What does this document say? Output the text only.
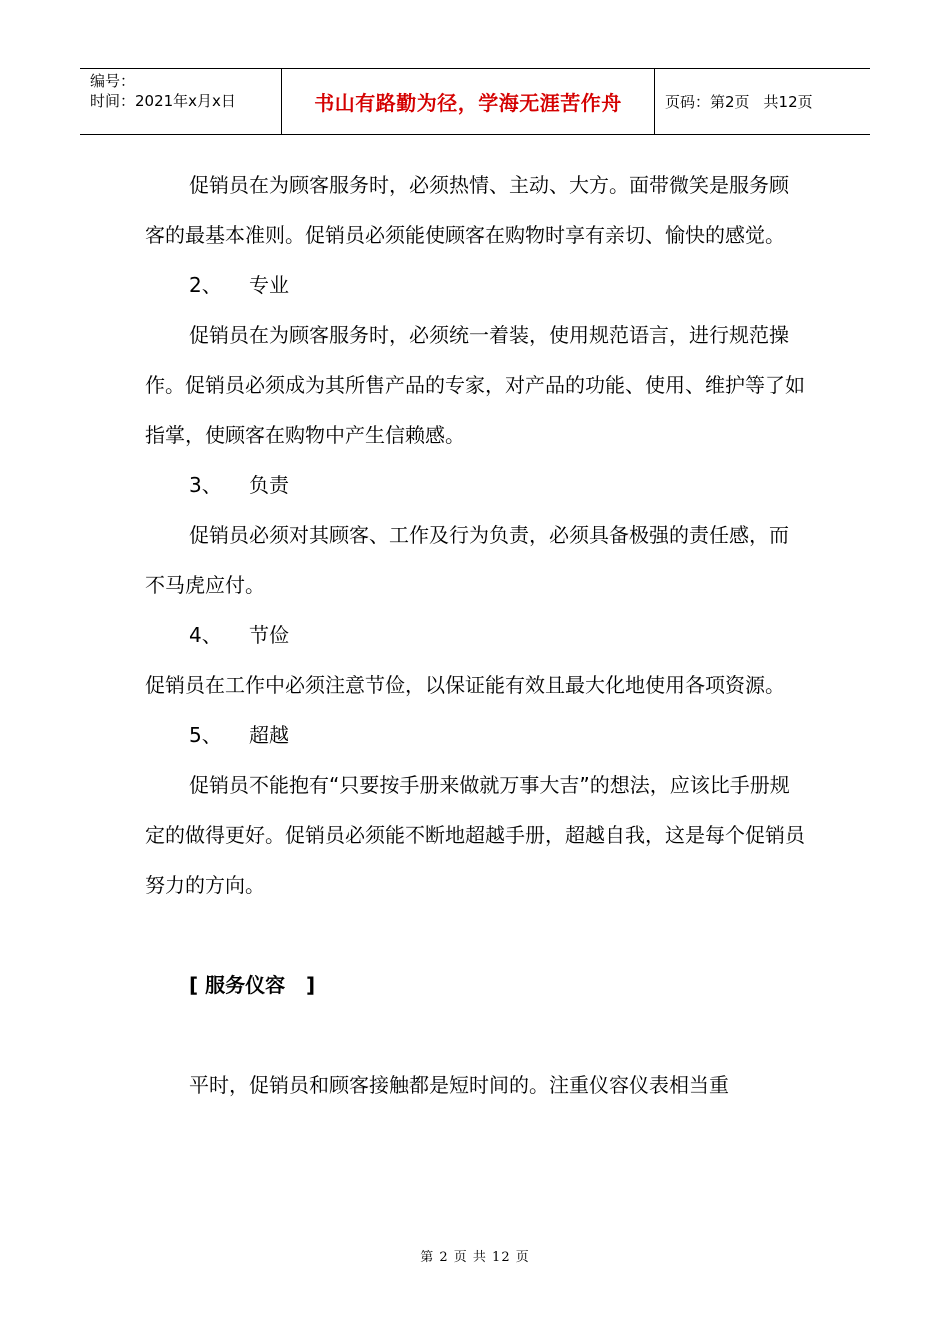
编号：
时间：2021年x月x日	书山有路勤为径，学海无涯苦作舟	页码：第2页 共12页

促销员在为顾客服务时，必须热情、主动、大方。面带微笑是服务顾客的最基本准则。促销员必须能使顾客在购物时享有亲切、愉快的感觉。

2、 专业

促销员在为顾客服务时，必须统一着装，使用规范语言，进行规范操作。促销员必须成为其所售产品的专家，对产品的功能、使用、维护等了如指掌，使顾客在购物中产生信赖感。

3、 负责

促销员必须对其顾客、工作及行为负责，必须具备极强的责任感，而不马虎应付。

4、 节俭

促销员在工作中必须注意节俭，以保证能有效且最大化地使用各项资源。

5、 超越

促销员不能抱有“只要按手册来做就万事大吉”的想法，应该比手册规定的做得更好。促销员必须能不断地超越手册，超越自我，这是每个促销员努力的方向。

[ 服务仪容   ]

平时，促销员和顾客接触都是短时间的。注重仪容仪表相当重

第 2 页 共 12 页
